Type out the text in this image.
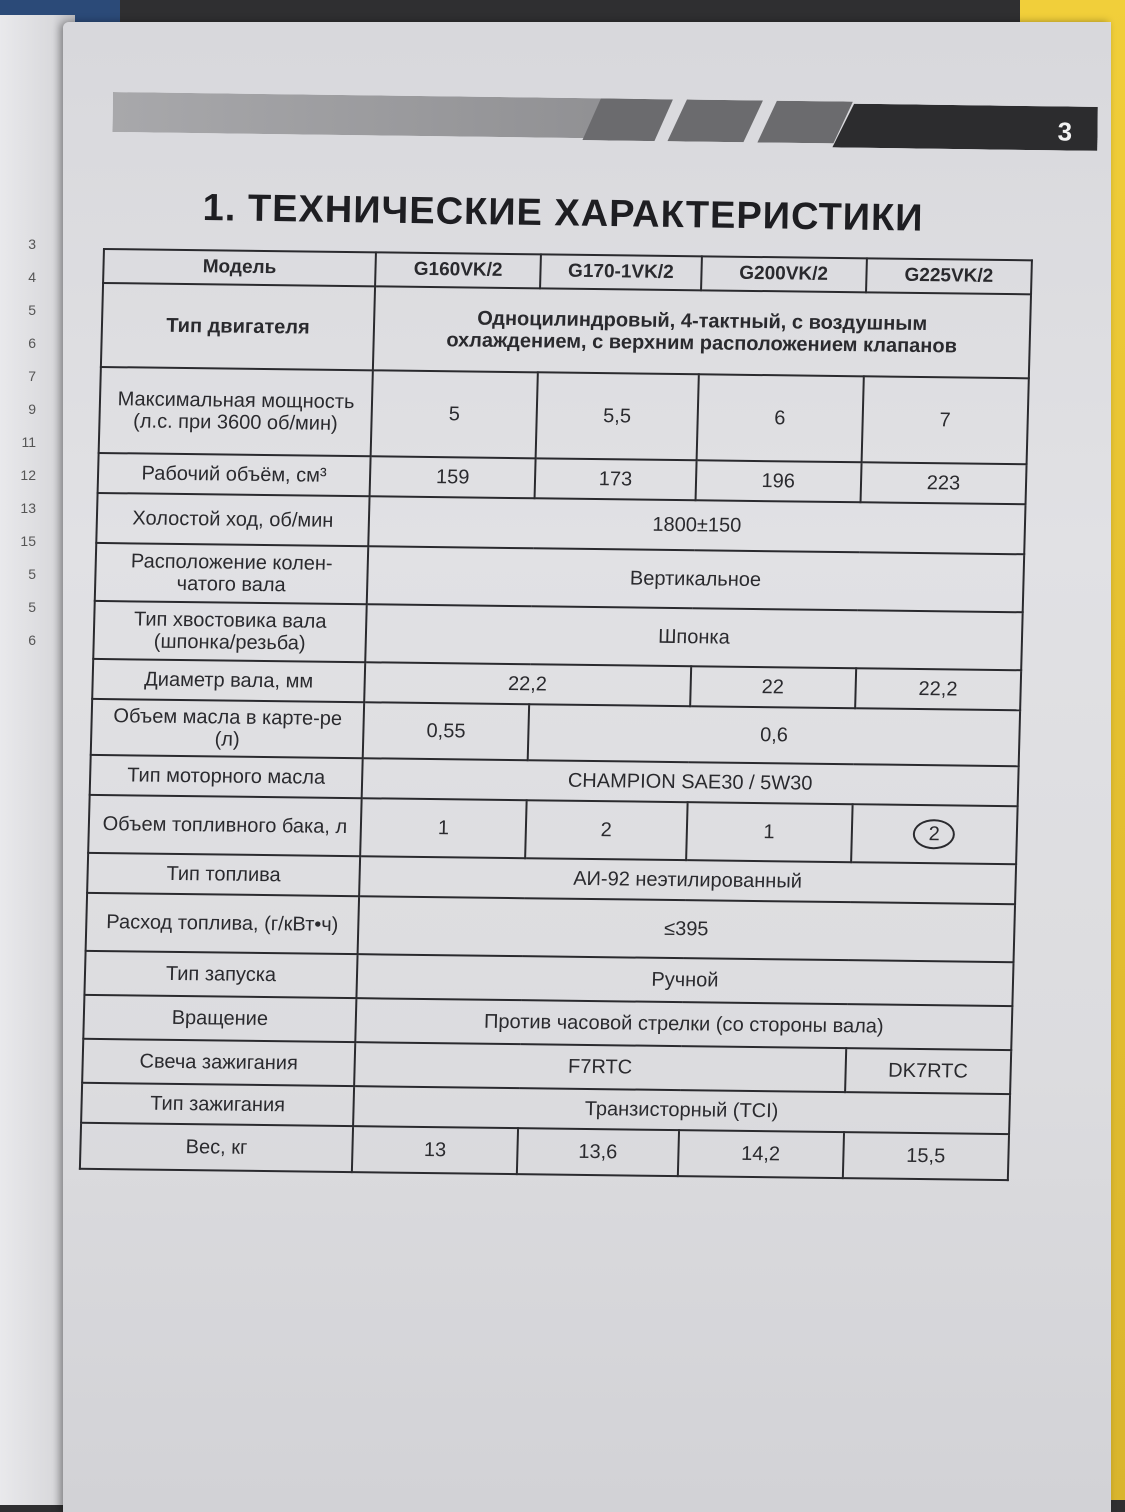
3
4
5
6
7
9
11
12
13
15
5
5
6
3
1. ТЕХНИЧЕСКИЕ ХАРАКТЕРИСТИКИ
Модель	G160VK/2	G170-1VK/2	G200VK/2	G225VK/2
Тип двигателя	Одноцилиндровый, 4-тактный, с воздушным охлаждением, с верхним расположением клапанов			
Максимальная мощность (л.с. при 3600 об/мин)	5	5,5	6	7
Рабочий объём, см³	159	173	196	223
Холостой ход, об/мин	1800±150			
Расположение колен-чатого вала	Вертикальное			
Тип хвостовика вала (шпонка/резьба)	Шпонка			
Диаметр вала, мм	22,2		22	22,2
Объем масла в карте-ре (л)	0,55	0,6		
Тип моторного масла	CHAMPION SAE30 / 5W30			
Объем топливного бака, л	1	2	1	2
Тип топлива	АИ-92 неэтилированный			
Расход топлива, (г/кВт•ч)	≤395			
Тип запуска	Ручной			
Вращение	Против часовой стрелки (со стороны вала)			
Свеча зажигания	F7RTC			DK7RTC
Тип зажигания	Транзисторный (TCI)			
Вес, кг	13	13,6	14,2	15,5
